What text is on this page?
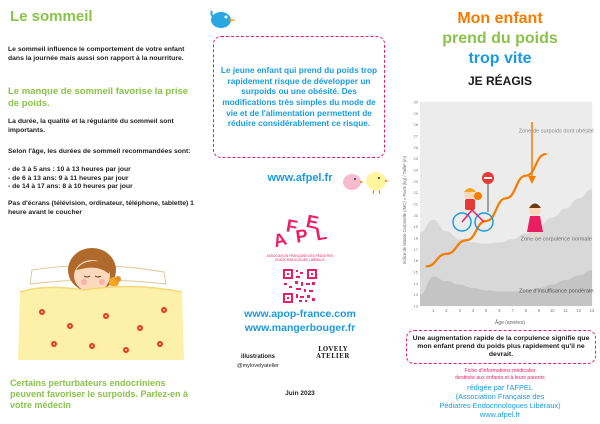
Le sommeil
Le sommeil influence le comportement de votre enfant dans la journée mais aussi son rapport à la nourriture.
Le manque de sommeil favorise la prise de poids.
La durée, la qualité et la régularité du sommeil sont importants.
Selon l'âge, les durées de sommeil recommandées sont:
- de 3 à 5 ans : 10 à 13 heures par jour
- de 6 à 13 ans: 9 à 11 heures par jour
- de 14 à 17 ans: 8 à 10 heures par jour
Pas d'écrans (télévision, ordinateur, téléphone, tablette) 1 heure avant le coucher
Certains perturbateurs endocriniens peuvent favoriser le surpoids. Parlez-en à votre médecin
Le jeune enfant qui prend du poids trop rapidement risque de développer un surpoids ou une obésité. Des modifications très simples du mode de vie et de l'alimentation permettent de réduire considérablement ce risque.
www.afpel.fr
A
F
P
E
L
ASSOCIATION FRANÇAISE DES PÉDIATRES ENDOCRINOLOGUES LIBÉRAUX
www.apop-france.com
www.mangerbouger.fr
illustrations
@mylovelyatelier
LOVELY ATELIER
Juin 2023
Mon enfant
prend du poids
trop vite
JE RÉAGIS
12
13
14
15
16
17
18
19
20
21
22
23
24
25
26
27
28
29
30
1	2	3	4	5	6	7	8	9 10 11 12 13
Indice de Masse Corporelle (IMC) = Poids (kg) / Taille² (m)
Âge (années)
Zone de surpoids dont obésité
Zone de corpulence normale
Zone d'insuffisance pondérale
Une augmentation rapide de la corpulence signifie que mon enfant prend du poids plus rapidement qu'il ne devrait.
Fiche d'informations médicales
destinée aux enfants et à leurs parents
rédigée par l'AFPEL
(Association Française des
Pédiatres Endocrinologues Libéraux)
www.afpel.fr
